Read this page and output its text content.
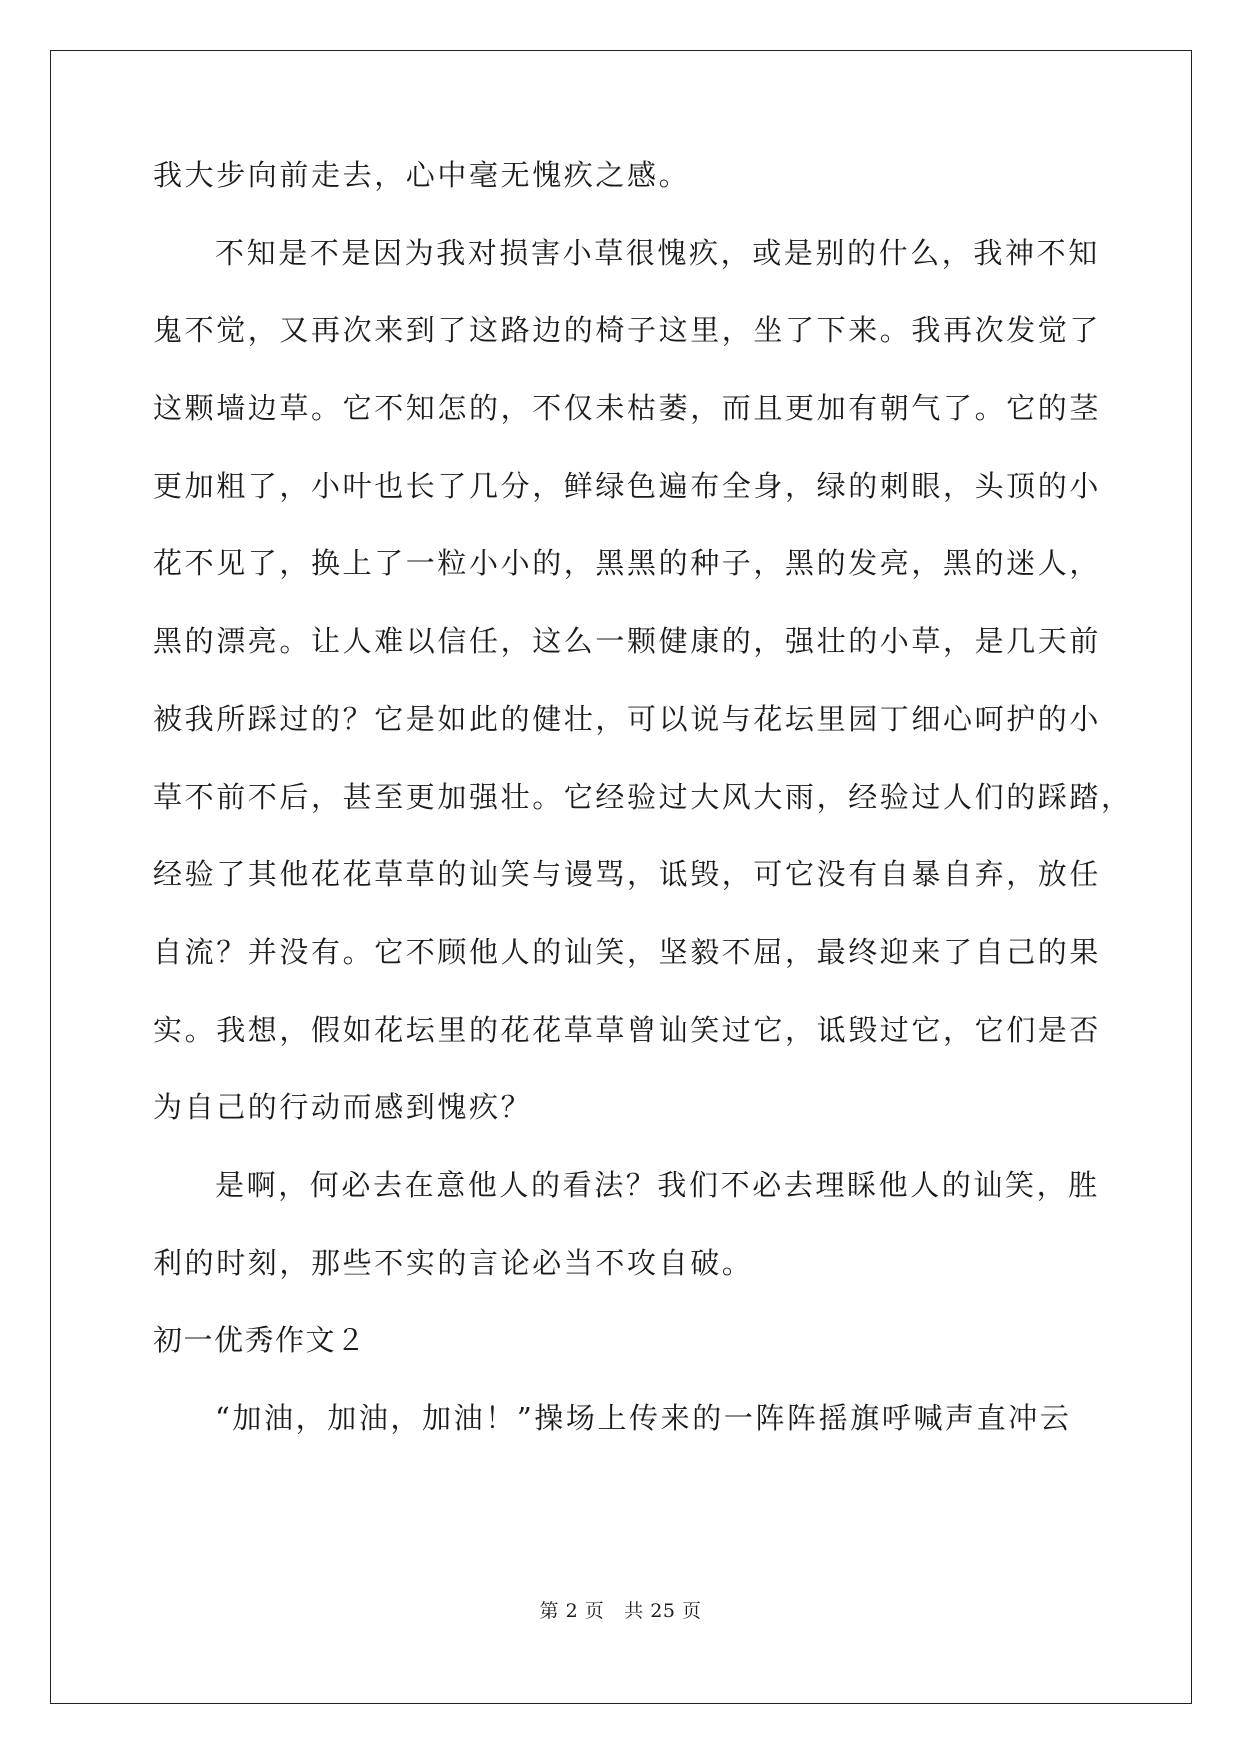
我大步向前走去，心中毫无愧疚之感。
不知是不是因为我对损害小草很愧疚，或是别的什么，我神不知
鬼不觉，又再次来到了这路边的椅子这里，坐了下来。我再次发觉了
这颗墙边草。它不知怎的，不仅未枯萎，而且更加有朝气了。它的茎
更加粗了，小叶也长了几分，鲜绿色遍布全身，绿的刺眼，头顶的小
花不见了，换上了一粒小小的，黑黑的种子，黑的发亮，黑的迷人，
黑的漂亮。让人难以信任，这么一颗健康的，强壮的小草，是几天前
被我所踩过的？它是如此的健壮，可以说与花坛里园丁细心呵护的小
草不前不后，甚至更加强壮。它经验过大风大雨，经验过人们的踩踏，
经验了其他花花草草的讪笑与谩骂，诋毁，可它没有自暴自弃，放任
自流？并没有。它不顾他人的讪笑，坚毅不屈，最终迎来了自己的果
实。我想，假如花坛里的花花草草曾讪笑过它，诋毁过它，它们是否
为自己的行动而感到愧疚？
是啊，何必去在意他人的看法？我们不必去理睬他人的讪笑，胜
利的时刻，那些不实的言论必当不攻自破。
初一优秀作文２
“加油，加油，加油！”操场上传来的一阵阵摇旗呼喊声直冲云
第 2 页 共 25 页
